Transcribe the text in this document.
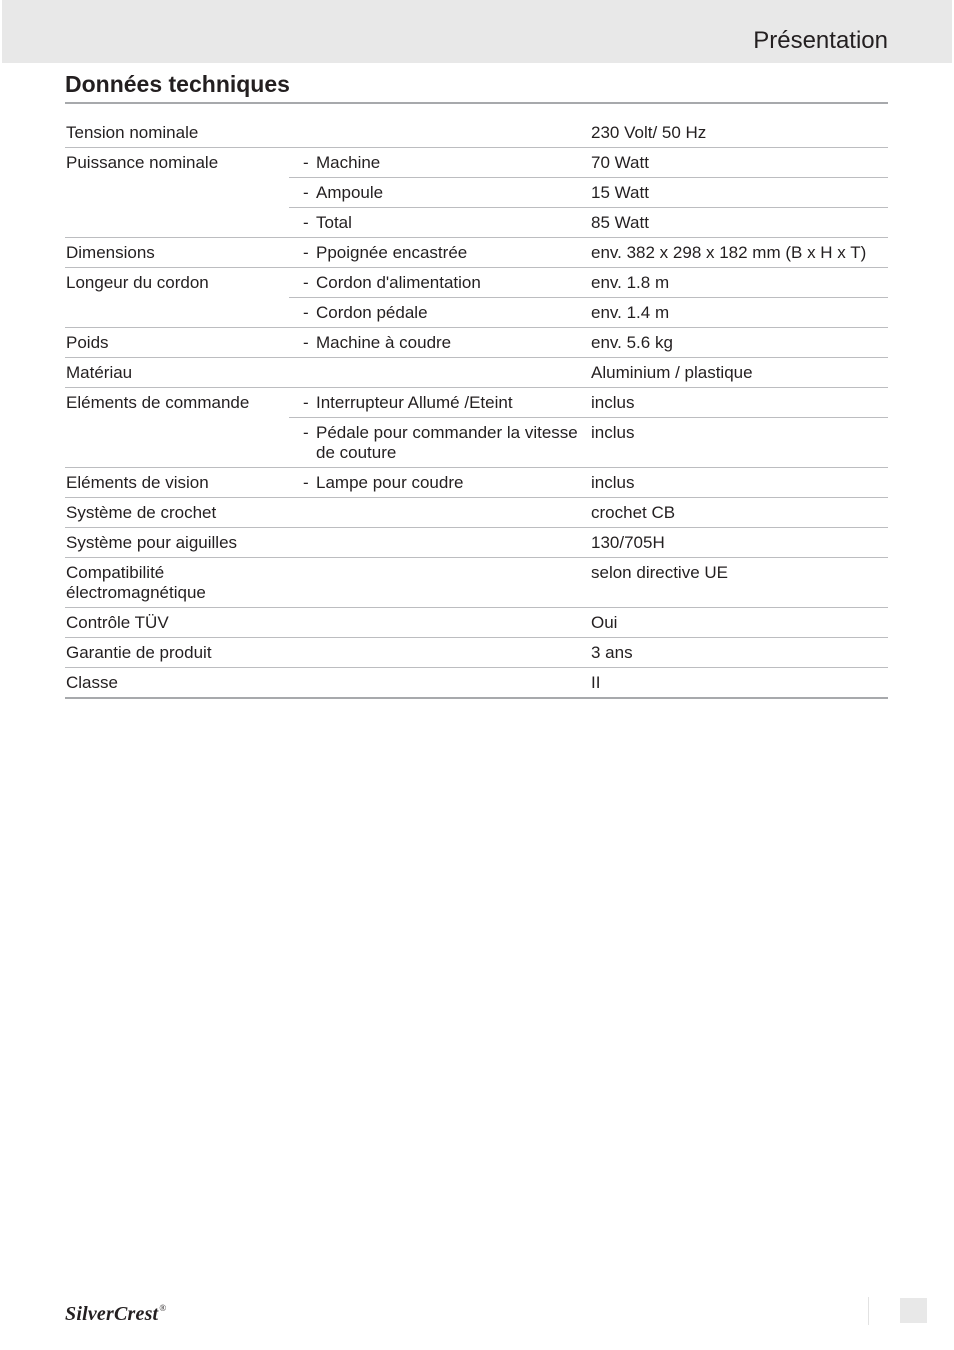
Présentation
Données techniques
Tension nominale		230 Volt/ 50 Hz
Puissance nominale	- Machine	70 Watt

	- Ampoule	15 Watt

	- Total	85 Watt
Dimensions	- Ppoignée encastrée	env. 382 x 298 x 182 mm (B x H x T)
Longeur du cordon	- Cordon d'alimentation	env. 1.8 m

	- Cordon pédale	env. 1.4 m
Poids	- Machine à coudre	env. 5.6 kg
Matériau		Aluminium / plastique
Eléments de commande	- Interrupteur Allumé /Eteint	inclus

	- Pédale pour commander la vitesse de couture	inclus
Eléments de vision	- Lampe pour coudre	inclus
Système de crochet		crochet CB
Système pour aiguilles		130/705H
Compatibilité électromagnétique		selon directive UE
Contrôle TÜV		Oui
Garantie de produit		3 ans
Classe		II
SilverCrest®
